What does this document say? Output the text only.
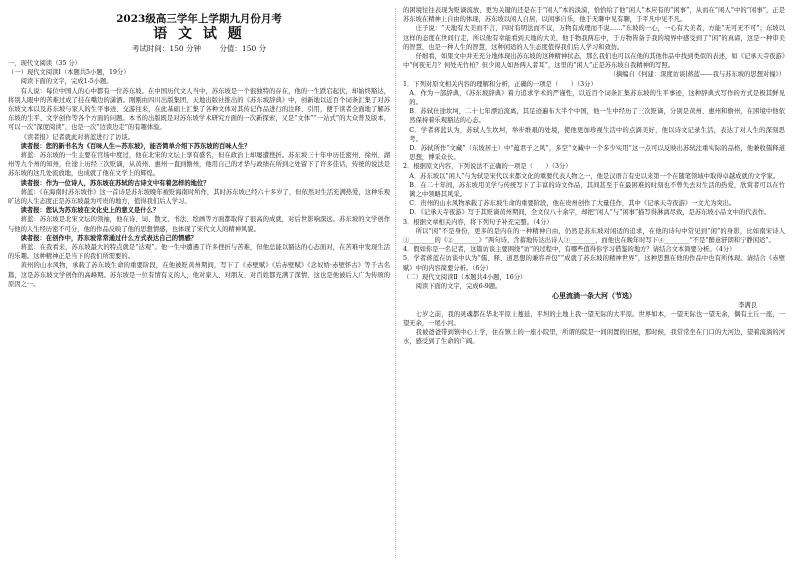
2023级高三学年上学期九月份月考
语 文 试 题
考试时间：150 分钟 分值：150 分

一、现代文阅读（35 分）

（一）现代文阅读Ⅰ（本题共5小题，19分）

阅读下面的文字，完成1-5小题。

有人说：每位中国人的心中都有一位苏东坡。在中国历代文人当中，苏东坡是一个很独特的存在，他的一生跌宕起伏，却始终豁达，将别人眼中的苦难过成了挂在嘴边的潇洒。刚刚由四川出版集团、天地出版社推出的《苏东坡辞典》中，创新地以近百个词条汇集了对苏东坡文本以及苏东坡与家人的生平事迹、交游往来，在此基础上汇集了各种文体对其传记作品进行的注释、引用，便于读者全面地了解苏东坡的生平、文学创作等各个方面的问题。本书的出版既是对苏东坡学术研究方面的一次新探索，又是“文体”“一站式”的大众普及版本，可以一次“深度阅读”，也是一次“边读边走”的有趣体验。

《读者报》记者就此对蒋蓝进行了访谈。

读者报：您的新书名为《百味人生—苏东坡》，能否简单介绍下苏东坡的百味人生？

蒋蓝：苏东坡的一生主要在官场中度过，他在北宋的文坛上享有盛名，但在政治上却屡遭挫折。苏东坡三十年中历任密州、徐州、湖州等九个州的知州，仕途上历经三次贬谪，从黄州、惠州一直到儋州，他用自己的才华与政绩在所到之处留下了许多佳话，传统的说法是苏东坡的这几处流放地，也成就了他在文学上的辉煌。

读者报：作为一位诗人，苏东坡在苏轼的古诗文中有着怎样的地位？

蒋蓝：《在海南时苏东坡作》这一首诗是苏东坡晚年被贬海南时所作，其时苏东坡已经六十多岁了，但依然对生活充满热爱，这种乐观旷达的人生态度正是苏东坡最为可贵的地方，值得我们后人学习。

读者报：您认为苏东坡在文化史上的意义是什么？

蒋蓝：苏东坡是北宋文坛的领袖，他在诗、词、散文、书法、绘画等方面都取得了很高的成就，对后世影响深远。苏东坡的文学创作与他的人生经历密不可分，他的作品反映了他的思想情感，也体现了宋代文人的精神风貌。

读者报：在创作中，苏东坡常常通过什么方式表达自己的情感？

蒋蓝：在我看来，苏东坡最大的特点就是“达观”。他一生中遭遇了许多挫折与苦难，但他总能以豁达的心态面对，在苦难中发现生活的乐趣。这种精神正是当下的我们所需要的。

黄州的山水风物，承载了苏东坡生命的重要阶段，在他被贬黄州期间，写下了《赤壁赋》《后赤壁赋》《念奴娇·赤壁怀古》等千古名篇，这是苏东坡文学创作的高峰期。苏东坡是一位有情有义的人，他对家人、对朋友、对百姓都充满了深情，这也是他被后人广为传颂的原因之一。

的困境往往表现为贬谪流放，更为关键的还是在于“闲人”本的淡漠，恰恰给了他“闲人”本应有的“闲事”，从而在“闲人”中的“闲事”，正是苏东坡在精神上自由的体现，苏东坡以闲人自居，以闲事自乐，他于无聊中见有聊，于平凡中见不凡。

庄子说：“天地有大美而不言，四时有明法而不议，万物有成理而不说……”东坡的一心，一心有大美者，方能“无可无不可”；东坡以这样的态度在世间行走，所以他有幸能看到天地的大美，他于物我两忘中，于万物皆备于我的境界中感受到了“闲”的真谛，这是一种审美的智慧，也是一种人生的智慧，这种闲适的人生态度值得我们后人学习和效仿。

仔细看，如果文中并无充分地体现出苏东坡的这种精神状态，那么我们也可以在他的其他作品中找到类似的表述，如《记承天寺夜游》中“何夜无月？何处无竹柏？但少闲人如吾两人者耳”，这里的“闲人”正是苏东坡自我精神的写照。

（摘编自《何建：深度访谈|蒋蓝——我与苏东坡的思想对撞》）

1．下列对原文相关内容的理解和分析，正确的一项是（　　）（3分）

A．作为一部辞典，《苏东坡辞典》着力追求学术的严谨性，以近百个词条汇集苏东坡的生平事迹，这种辞典式写作的方式是极其鲜见的。

B．苏轼仕途坎坷，二十七年漂泊流离，其足迹遍布大半个中国，他一生中经历了三次贬谪，分别是黄州、惠州和儋州，在困境中他依然保持着乐观豁达的心态。

C．学者蒋蓝认为，苏轼人生坎坷，举步维艰的处境，使他更加珍视生活中的点滴美好，他以诗文记录生活，表达了对人生的深刻思考。

D．苏轼所作“文藏”（东坡居士）中“蕴君子之风”，多空“文藏中一个多少实用”这一点可以反映出苏轼注重实际的品格，他兼收儒释道思想，博采众长。

2．根据原文内容，下列说法不正确的一项是（　　）（3分）

A．苏东坡以“闲人”与为轼是宋代以来都文化的重要代表人物之一，他是汉语言有史以来第一个在随笔领域中取得卓越成就的文学家。

B．在二十年间，苏东坡用美学与传统写下了丰富的诗文作品，其间甚至于在最困难的时刻也不曾失去对生活的热爱，欣赏者可以在竹篱之中领略其风采。

C．贵州的山水风物承载了苏东坡生命的重要阶段，他在贵州创作了大量佳作，其中《记承天寺夜游》一文尤为突出。

D．《记承天寺夜游》写于其贬谪黄州期间，全文仅八十余字，却把“闲人”与“闲事”描写得淋漓尽致，是苏东坡小品文中的代表作。

3．根据文章相关内容，将下列句子补充完整。（4分）

所以“闲”不是身份，更多的是内在的一种精神自由，仍然是苏东坡对闲适的追求，在他的诗句中常见到“闲”的身影，比如南宋诗人①________的《②________》“两句诗，含蓄地传达出诗人③________，而他也在晚年时写下④________“不是“醉意舒朗和宁静闲适”。

4．假如你是一名记者，这篇访谈主要围绕“访”的过程中，有哪些值得你学习借鉴的地方？请结合文本简要分析。（4分）

5．学者蒋蓝在访谈中认为“儒、释、道思想的兼容并包”“成就了苏东坡的精神世界”，这种思想在他的作品中也有所体现。请结合《赤壁赋》中的内容简要分析。（6分）

（二）现代文阅读Ⅱ（本题共4小题，16分）

阅读下面的文字，完成6-9题。

心里流淌一条大河（节选）

李满良

七岁之前，我的灵魂都在华北平原上蔓延，平坦的土地上我一望无际的大平原。世界如本，一望无际也一望无余，偶有土丘一座，一望无余，一尾小河。

我被爸爸带到镇中心上学，住在镇上的一座小院里，所谓的院是一间闲置的旧屋，那时候，我常常坐在门口的大河边，望着流淌的河水，感受到了生命的广阔。
